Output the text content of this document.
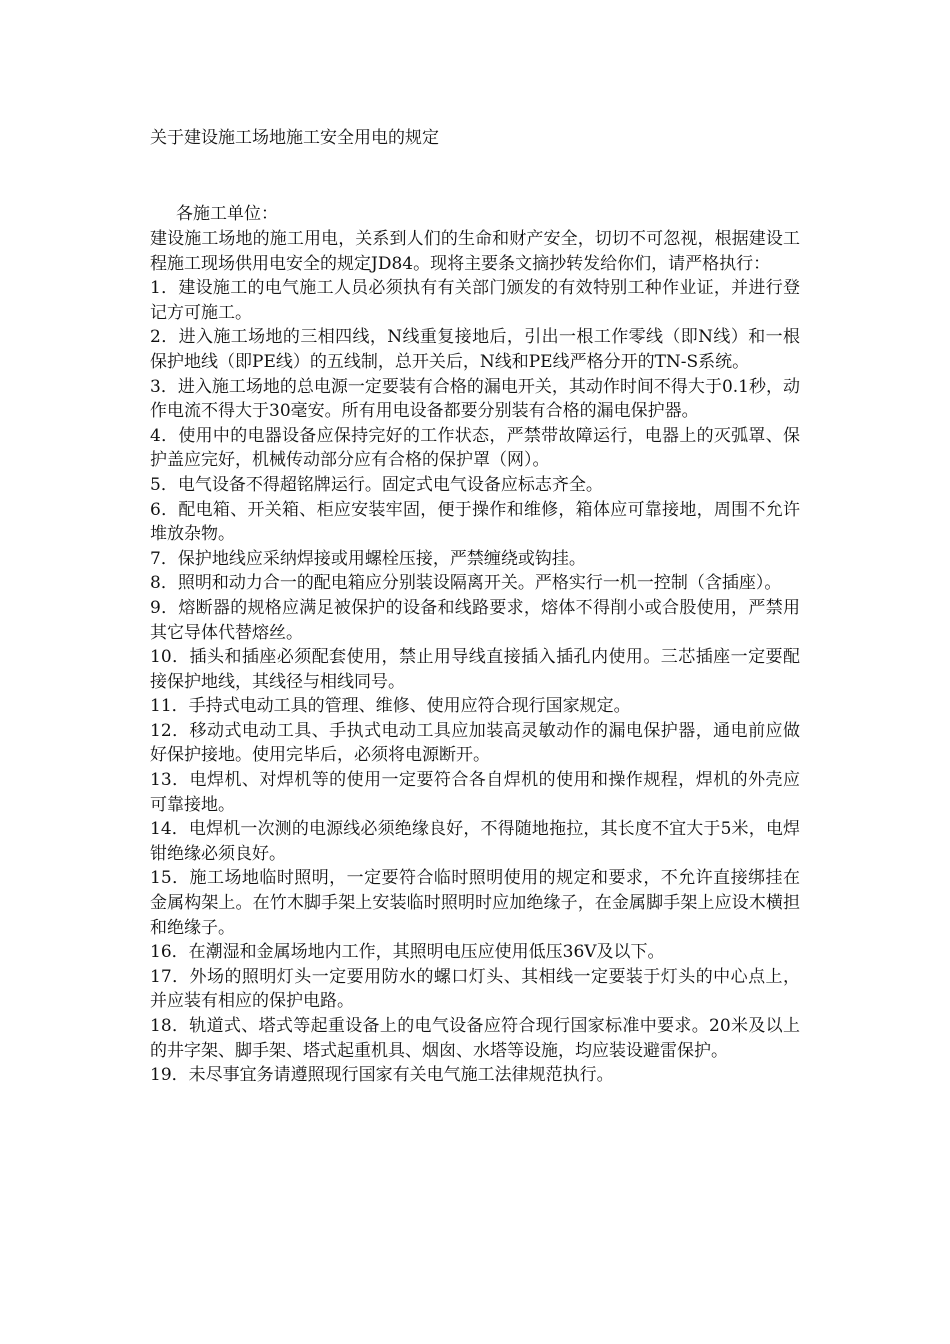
关于建设施工场地施工安全用电的规定
各施工单位：

建设施工场地的施工用电，关系到人们的生命和财产安全，切切不可忽视，根据建设工程施工现场供用电安全的规定JD84。现将主要条文摘抄转发给你们，请严格执行：

1．建设施工的电气施工人员必须执有有关部门颁发的有效特别工种作业证，并进行登记方可施工。

2．进入施工场地的三相四线，N线重复接地后，引出一根工作零线（即N线）和一根保护地线（即PE线）的五线制，总开关后，N线和PE线严格分开的TN-S系统。

3．进入施工场地的总电源一定要装有合格的漏电开关，其动作时间不得大于0.1秒，动作电流不得大于30毫安。所有用电设备都要分别装有合格的漏电保护器。

4．使用中的电器设备应保持完好的工作状态，严禁带故障运行，电器上的灭弧罩、保护盖应完好，机械传动部分应有合格的保护罩（网）。

5．电气设备不得超铭牌运行。固定式电气设备应标志齐全。

6．配电箱、开关箱、柜应安装牢固，便于操作和维修，箱体应可靠接地，周围不允许堆放杂物。

7．保护地线应采纳焊接或用螺栓压接，严禁缠绕或钩挂。

8．照明和动力合一的配电箱应分别装设隔离开关。严格实行一机一控制（含插座）。

9．熔断器的规格应满足被保护的设备和线路要求，熔体不得削小或合股使用，严禁用其它导体代替熔丝。

10．插头和插座必须配套使用，禁止用导线直接插入插孔内使用。三芯插座一定要配接保护地线，其线径与相线同号。

11．手持式电动工具的管理、维修、使用应符合现行国家规定。

12．移动式电动工具、手执式电动工具应加装高灵敏动作的漏电保护器，通电前应做好保护接地。使用完毕后，必须将电源断开。

13．电焊机、对焊机等的使用一定要符合各自焊机的使用和操作规程，焊机的外壳应可靠接地。

14．电焊机一次测的电源线必须绝缘良好，不得随地拖拉，其长度不宜大于5米，电焊钳绝缘必须良好。

15．施工场地临时照明，一定要符合临时照明使用的规定和要求，不允许直接绑挂在金属构架上。在竹木脚手架上安装临时照明时应加绝缘子，在金属脚手架上应设木横担和绝缘子。

16．在潮湿和金属场地内工作，其照明电压应使用低压36V及以下。

17．外场的照明灯头一定要用防水的螺口灯头、其相线一定要装于灯头的中心点上，并应装有相应的保护电路。

18．轨道式、塔式等起重设备上的电气设备应符合现行国家标准中要求。20米及以上的井字架、脚手架、塔式起重机具、烟囱、水塔等设施，均应装设避雷保护。

19．未尽事宜务请遵照现行国家有关电气施工法律规范执行。
